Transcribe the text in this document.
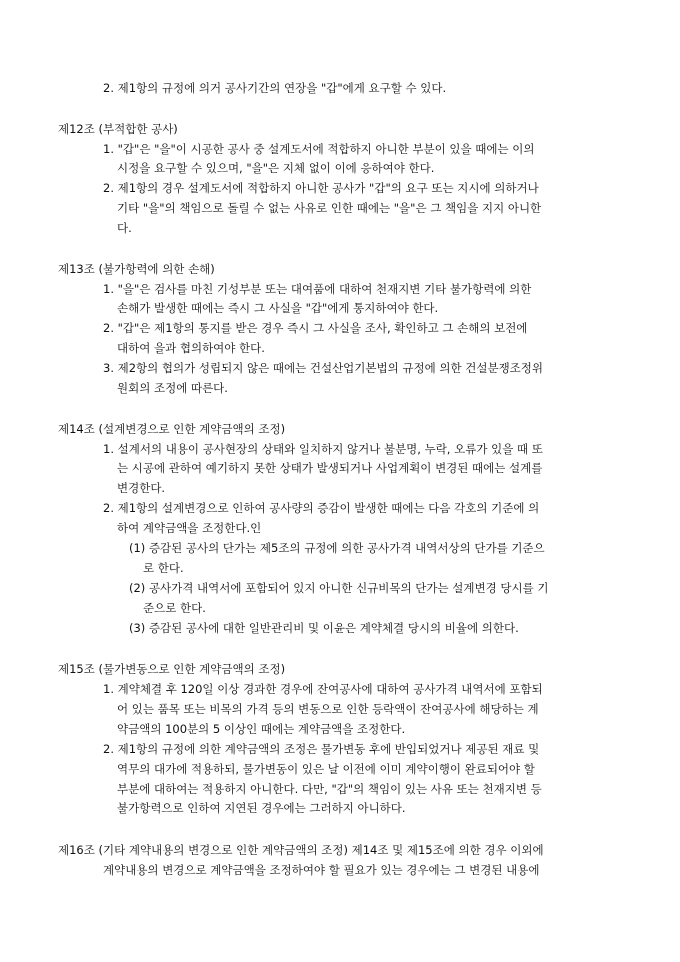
2. 제1항의 규정에 의거 공사기간의 연장을 "갑"에게 요구할 수 있다.
제12조 (부적합한 공사)
1. "갑"은 "을"이 시공한 공사 중 설계도서에 적합하지 아니한 부분이 있을 때에는 이의
시정을 요구할 수 있으며, "을"은 지체 없이 이에 응하여야 한다.
2. 제1항의 경우 설계도서에 적합하지 아니한 공사가 "갑"의 요구 또는 지시에 의하거나
기타 "을"의 책임으로 돌릴 수 없는 사유로 인한 때에는 "을"은 그 책임을 지지 아니한
다.
제13조 (불가항력에 의한 손해)
1. "을"은 검사를 마친 기성부분 또는 대여품에 대하여 천재지변 기타 불가항력에 의한
손해가 발생한 때에는 즉시 그 사실을 "갑"에게 통지하여야 한다.
2. "갑"은 제1항의 통지를 받은 경우 즉시 그 사실을 조사, 확인하고 그 손해의 보전에
대하여 을과 협의하여야 한다.
3. 제2항의 협의가 성립되지 않은 때에는 건설산업기본법의 규정에 의한 건설분쟁조정위
원회의 조정에 따른다.
제14조 (설계변경으로 인한 계약금액의 조정)
1. 설계서의 내용이 공사현장의 상태와 일치하지 않거나 불분명, 누락, 오류가 있을 때 또
는 시공에 관하여 예기하지 못한 상태가 발생되거나 사업계획이 변경된 때에는 설계를
변경한다.
2. 제1항의 설계변경으로 인하여 공사량의 증감이 발생한 때에는 다음 각호의 기준에 의
하여 계약금액을 조정한다.인
(1) 증감된 공사의 단가는 제5조의 규정에 의한 공사가격 내역서상의 단가를 기준으
로 한다.
(2) 공사가격 내역서에 포함되어 있지 아니한 신규비목의 단가는 설계변경 당시를 기
준으로 한다.
(3) 증감된 공사에 대한 일반관리비 및 이윤은 계약체결 당시의 비율에 의한다.
제15조 (물가변동으로 인한 계약금액의 조정)
1. 계약체결 후 120일 이상 경과한 경우에 잔여공사에 대하여 공사가격 내역서에 포함되
어 있는 품목 또는 비목의 가격 등의 변동으로 인한 등락액이 잔여공사에 해당하는 계
약금액의 100분의 5 이상인 때에는 계약금액을 조정한다.
2. 제1항의 규정에 의한 계약금액의 조정은 물가변동 후에 반입되었거나 제공된 재료 및
역무의 대가에 적용하되, 물가변동이 있은 날 이전에 이미 계약이행이 완료되어야 할
부분에 대하여는 적용하지 아니한다. 다만, "갑"의 책임이 있는 사유 또는 천재지변 등
불가항력으로 인하여 지연된 경우에는 그러하지 아니하다.
제16조 (기타 계약내용의 변경으로 인한 계약금액의 조정) 제14조 및 제15조에 의한 경우 이외에
계약내용의 변경으로 계약금액을 조정하여야 할 필요가 있는 경우에는 그 변경된 내용에
